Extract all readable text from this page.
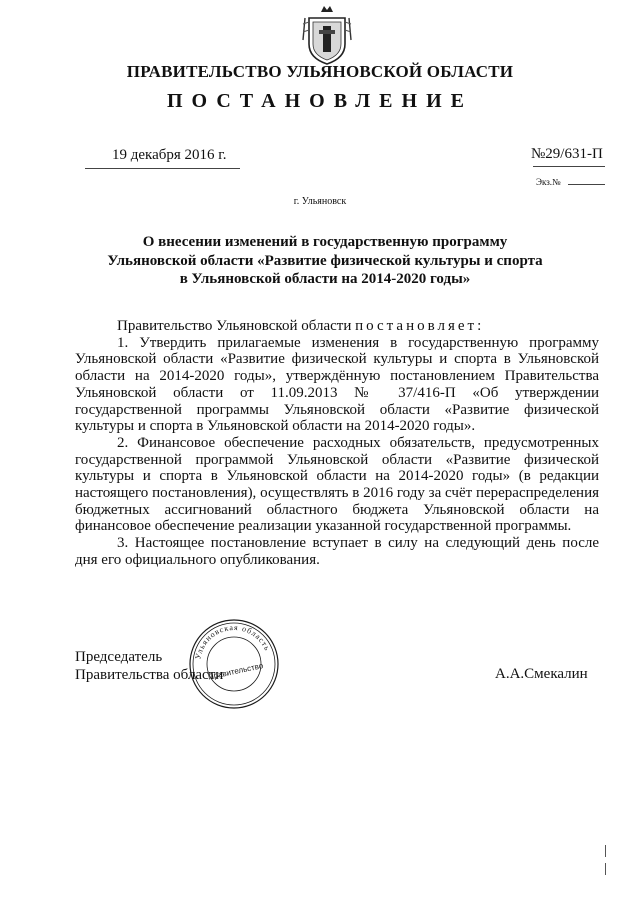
ПРАВИТЕЛЬСТВО УЛЬЯНОВСКОЙ ОБЛАСТИ
ПОСТАНОВЛЕНИЕ
19 декабря 2016 г.	№29/631-П
Экз.№
г. Ульяновск
О внесении изменений в государственную программу
Ульяновской области «Развитие физической культуры и спорта
в Ульяновской области на 2014-2020 годы»

Правительство Ульяновской области постановляет:

1. Утвердить прилагаемые изменения в государственную программу Ульяновской области «Развитие физической культуры и спорта в Ульяновской области на 2014-2020 годы», утверждённую постановлением Правительства Ульяновской области от 11.09.2013 № 37/416-П «Об утверждении государственной программы Ульяновской области «Развитие физической культуры и спорта в Ульяновской области на 2014-2020 годы».

2. Финансовое обеспечение расходных обязательств, предусмотренных государственной программой Ульяновской области «Развитие физической культуры и спорта в Ульяновской области на 2014-2020 годы» (в редакции настоящего постановления), осуществлять в 2016 году за счёт перераспределения бюджетных ассигнований областного бюджета Ульяновской области на финансовое обеспечение реализации указанной государственной программы.

3. Настоящее постановление вступает в силу на следующий день после дня его официального опубликования.

Ульяновская область
Правительство
Председатель
Правительства области	А.А.Смекалин
